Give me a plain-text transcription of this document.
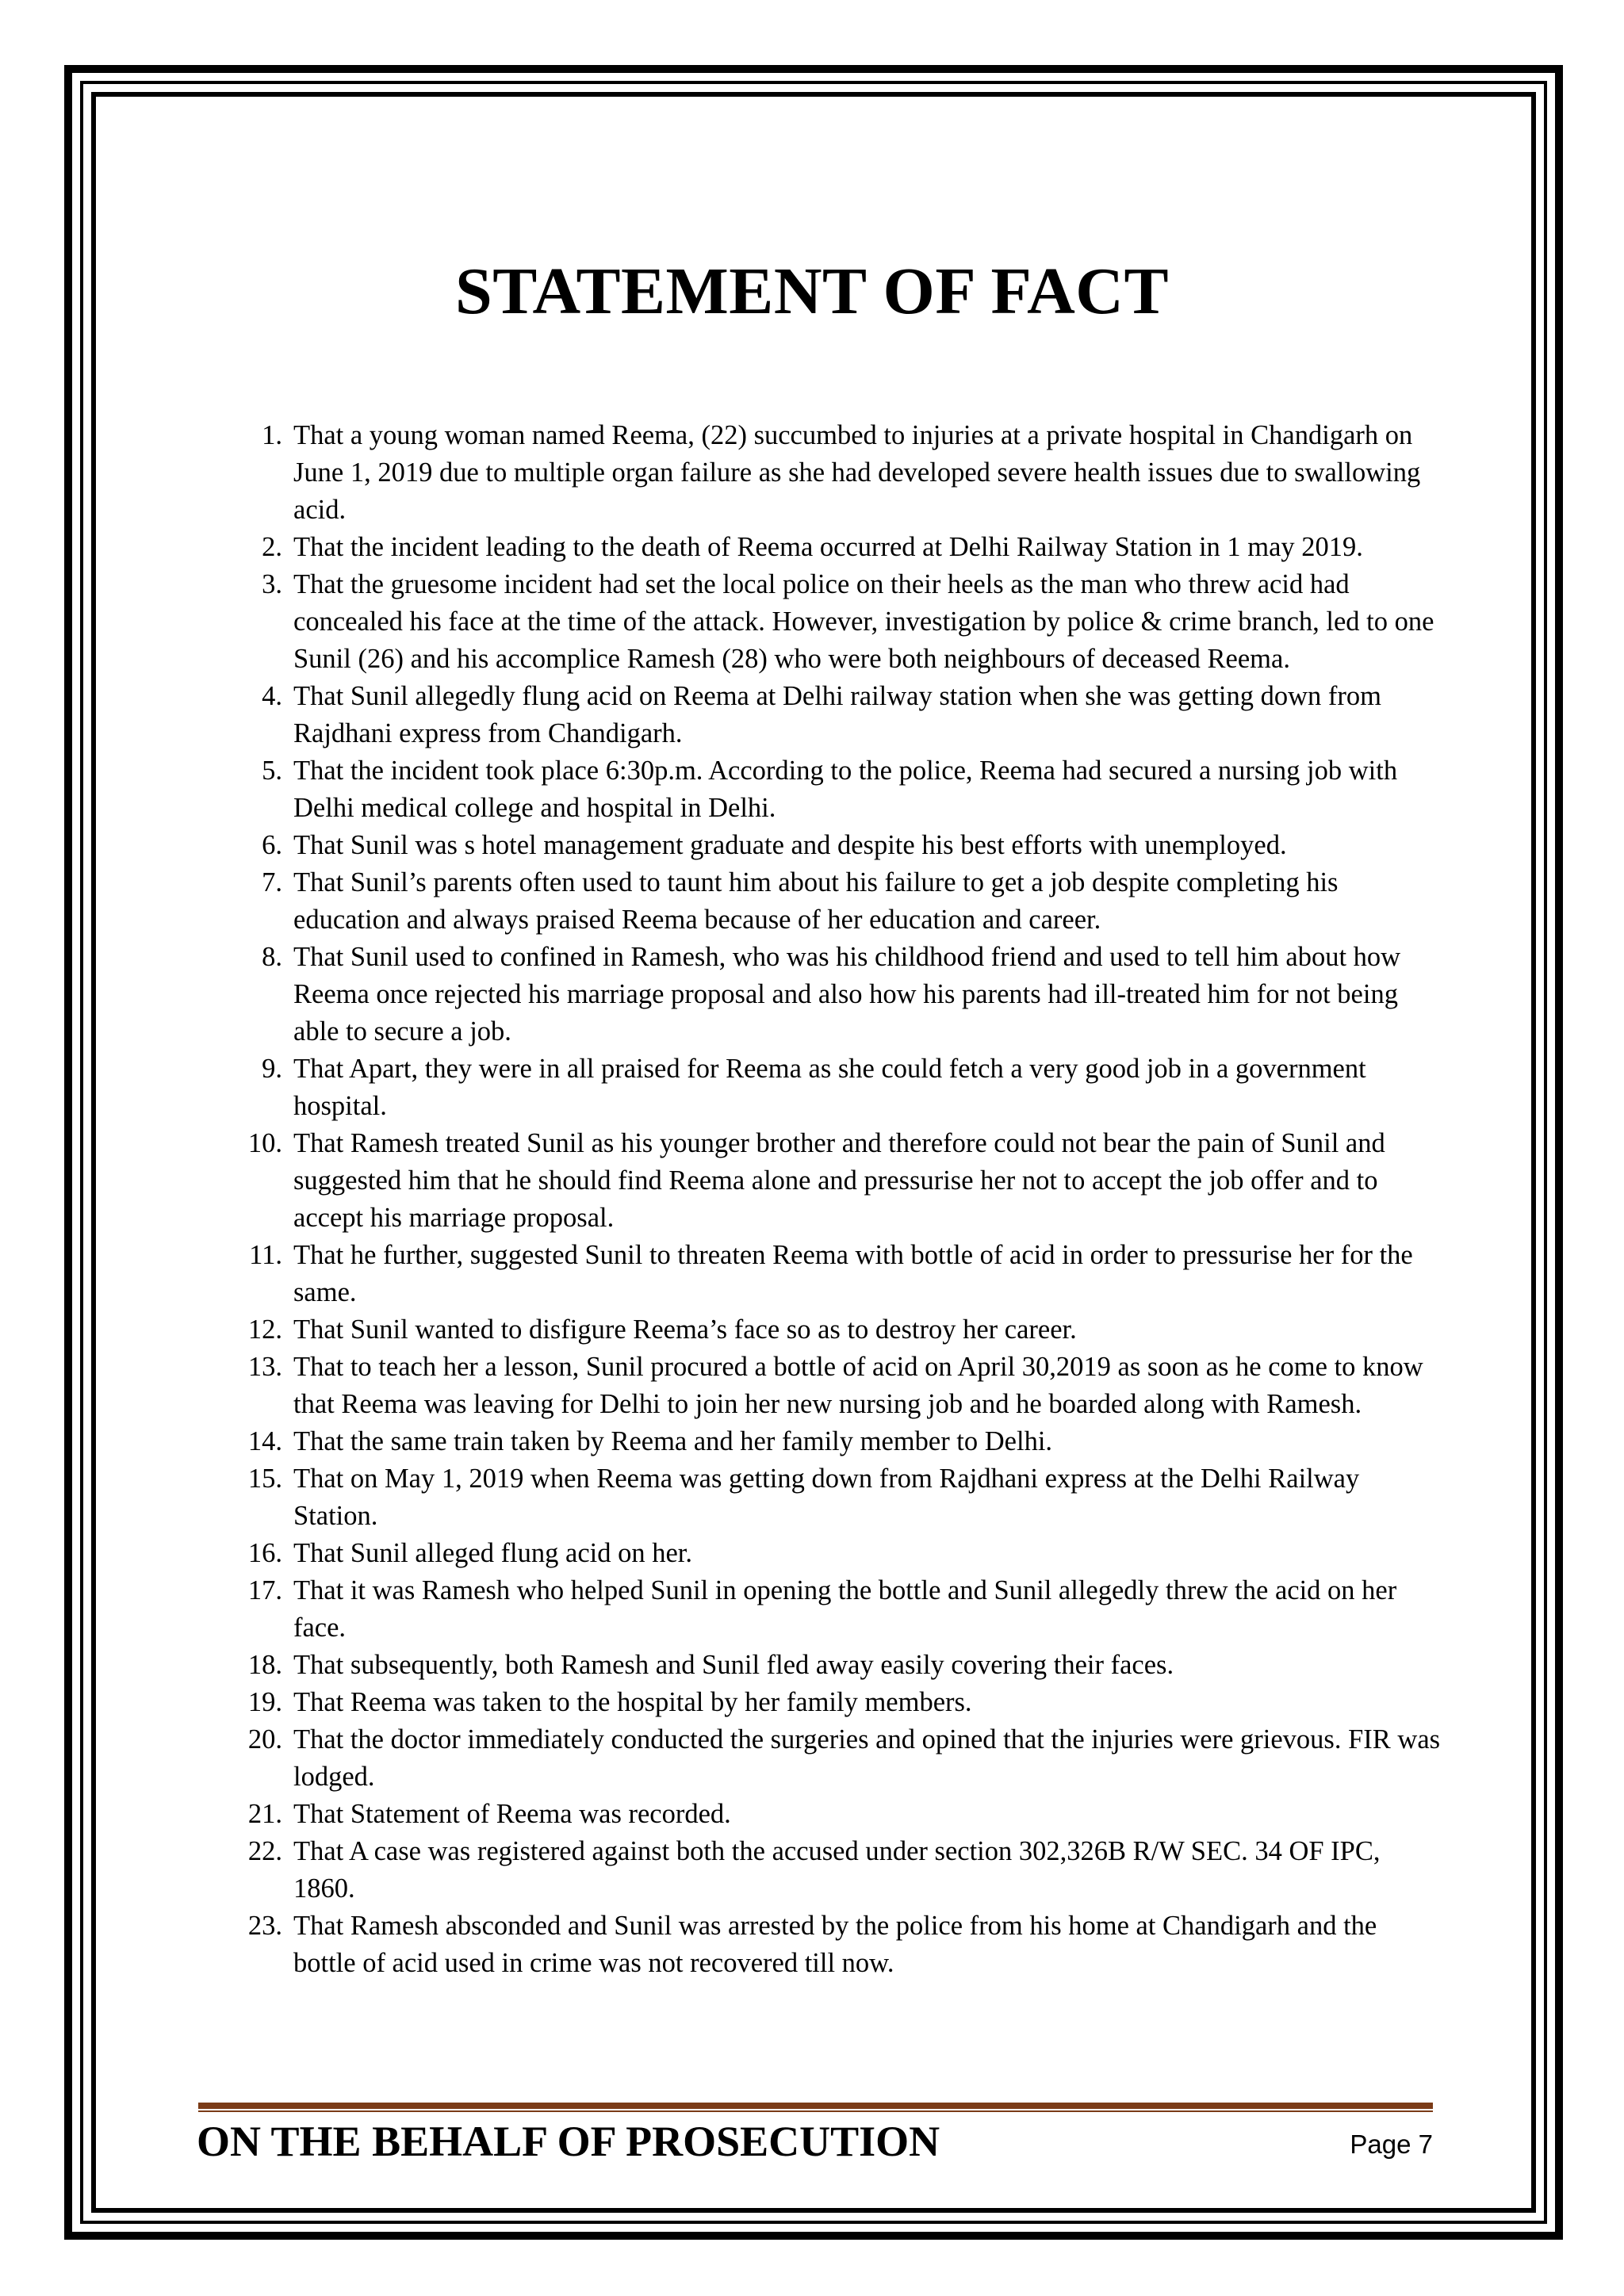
STATEMENT OF FACT
1. That a young woman named Reema, (22) succumbed to injuries at a private hospital in Chandigarh on June 1, 2019 due to multiple organ failure as she had developed severe health issues due to swallowing acid.
2. That the incident leading to the death of Reema occurred at Delhi Railway Station in 1 may 2019.
3. That the gruesome incident had set the local police on their heels as the man who threw acid had concealed his face at the time of the attack. However, investigation by police & crime branch, led to one Sunil (26) and his accomplice Ramesh (28) who were both neighbours of deceased Reema.
4. That Sunil allegedly flung acid on Reema at Delhi railway station when she was getting down from Rajdhani express from Chandigarh.
5. That the incident took place 6:30p.m. According to the police, Reema had secured a nursing job with Delhi medical college and hospital in Delhi.
6. That Sunil was s hotel management graduate and despite his best efforts with unemployed.
7. That Sunil’s parents often used to taunt him about his failure to get a job despite completing his education and always praised Reema because of her education and career.
8. That Sunil used to confined in Ramesh, who was his childhood friend and used to tell him about how Reema once rejected his marriage proposal and also how his parents had ill-treated him for not being able to secure a job.
9. That Apart, they were in all praised for Reema as she could fetch a very good job in a government hospital.
10. That Ramesh treated Sunil as his younger brother and therefore could not bear the pain of Sunil and suggested him that he should find Reema alone and pressurise her not to accept the job offer and to accept his marriage proposal.
11. That he further, suggested Sunil to threaten Reema with bottle of acid in order to pressurise her for the same.
12. That Sunil wanted to disfigure Reema’s face so as to destroy her career.
13. That to teach her a lesson, Sunil procured a bottle of acid on April 30,2019 as soon as he come to know that Reema was leaving for Delhi to join her new nursing job and he boarded along with Ramesh.
14. That the same train taken by Reema and her family member to Delhi.
15. That on May 1, 2019 when Reema was getting down from Rajdhani express at the Delhi Railway Station.
16. That Sunil alleged flung acid on her.
17. That it was Ramesh who helped Sunil in opening the bottle and Sunil allegedly threw the acid on her face.
18. That subsequently, both Ramesh and Sunil fled away easily covering their faces.
19. That Reema was taken to the hospital by her family members.
20. That the doctor immediately conducted the surgeries and opined that the injuries were grievous. FIR was lodged.
21. That Statement of Reema was recorded.
22. That A case was registered against both the accused under section 302,326B R/W SEC. 34 OF IPC, 1860.
23. That Ramesh absconded and Sunil was arrested by the police from his home at Chandigarh and the bottle of acid used in crime was not recovered till now.
ON THE BEHALF OF PROSECUTION	Page 7
